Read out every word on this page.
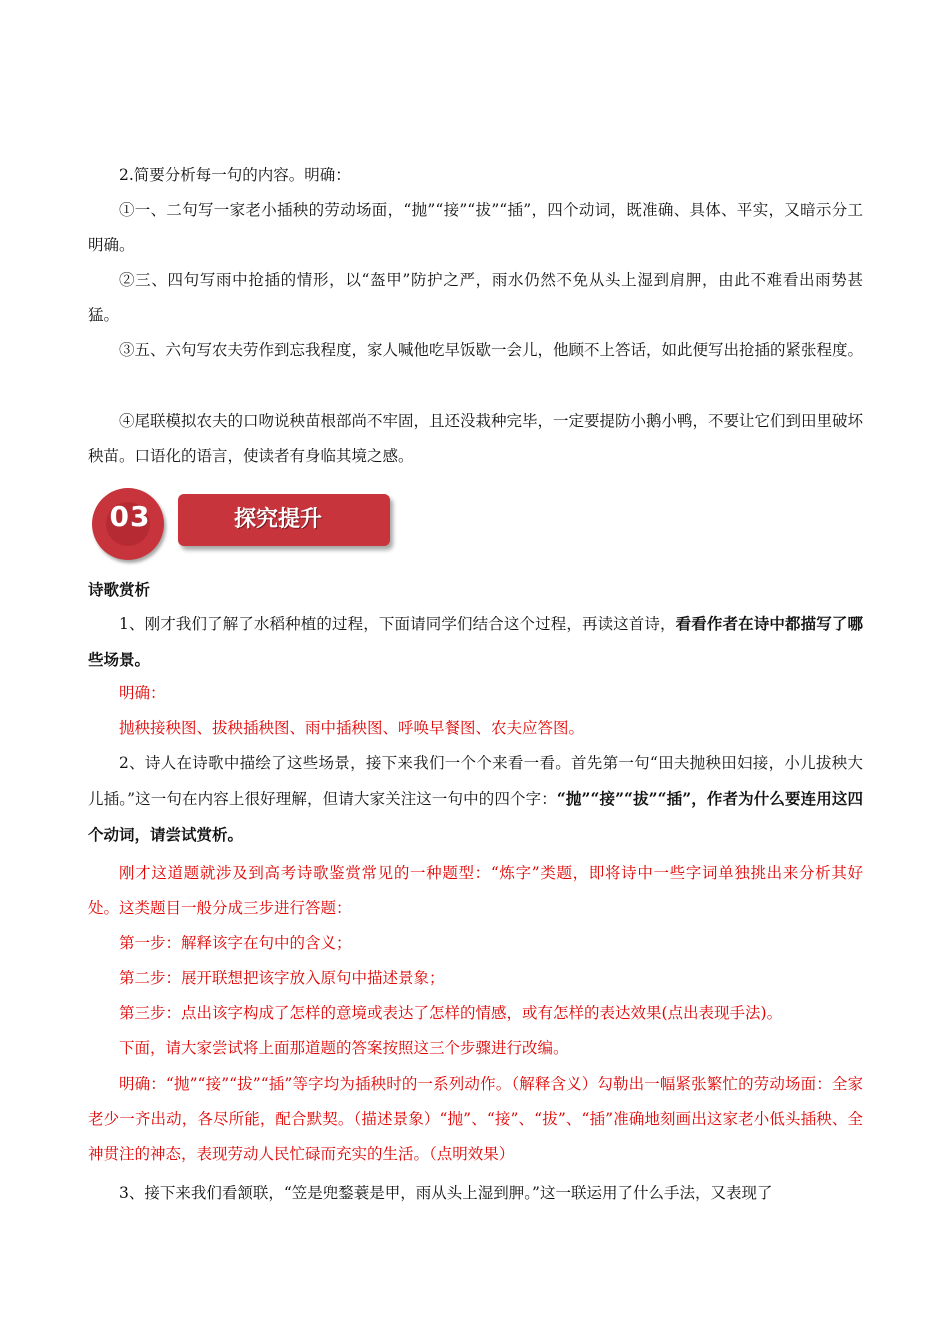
2.简要分析每一句的内容。明确：

①一、二句写一家老小插秧的劳动场面，“抛”“接”“拔”“插”，四个动词，既准确、具体、平实，又暗示分工明确。

②三、四句写雨中抢插的情形，以“盔甲”防护之严，雨水仍然不免从头上湿到肩胛，由此不难看出雨势甚猛。

③五、六句写农夫劳作到忘我程度，家人喊他吃早饭歇一会儿，他顾不上答话，如此便写出抢插的紧张程度。

④尾联模拟农夫的口吻说秧苗根部尚不牢固，且还没栽种完毕，一定要提防小鹅小鸭，不要让它们到田里破坏秧苗。口语化的语言，使读者有身临其境之感。

探究提升
03

诗歌赏析

1、刚才我们了解了水稻种植的过程，下面请同学们结合这个过程，再读这首诗，看看作者在诗中都描写了哪些场景。

明确：

抛秧接秧图、拔秧插秧图、雨中插秧图、呼唤早餐图、农夫应答图。

2、诗人在诗歌中描绘了这些场景，接下来我们一个个来看一看。首先第一句“田夫抛秧田妇接，小儿拔秧大儿插。”这一句在内容上很好理解，但请大家关注这一句中的四个字：“抛”“接”“拔”“插”，作者为什么要连用这四个动词，请尝试赏析。

刚才这道题就涉及到高考诗歌鉴赏常见的一种题型：“炼字”类题，即将诗中一些字词单独挑出来分析其好处。这类题目一般分成三步进行答题：

第一步：解释该字在句中的含义；

第二步：展开联想把该字放入原句中描述景象；

第三步：点出该字构成了怎样的意境或表达了怎样的情感，或有怎样的表达效果(点出表现手法)。

下面，请大家尝试将上面那道题的答案按照这三个步骤进行改编。

明确：“抛”“接”“拔”“插”等字均为插秧时的一系列动作。（解释含义）勾勒出一幅紧张繁忙的劳动场面：全家老少一齐出动，各尽所能，配合默契。（描述景象）“抛”、“接”、“拔”、“插”准确地刻画出这家老小低头插秧、全神贯注的神态，表现劳动人民忙碌而充实的生活。（点明效果）

3、接下来我们看颔联，“笠是兜鍪蓑是甲，雨从头上湿到胛。”这一联运用了什么手法，又表现了
